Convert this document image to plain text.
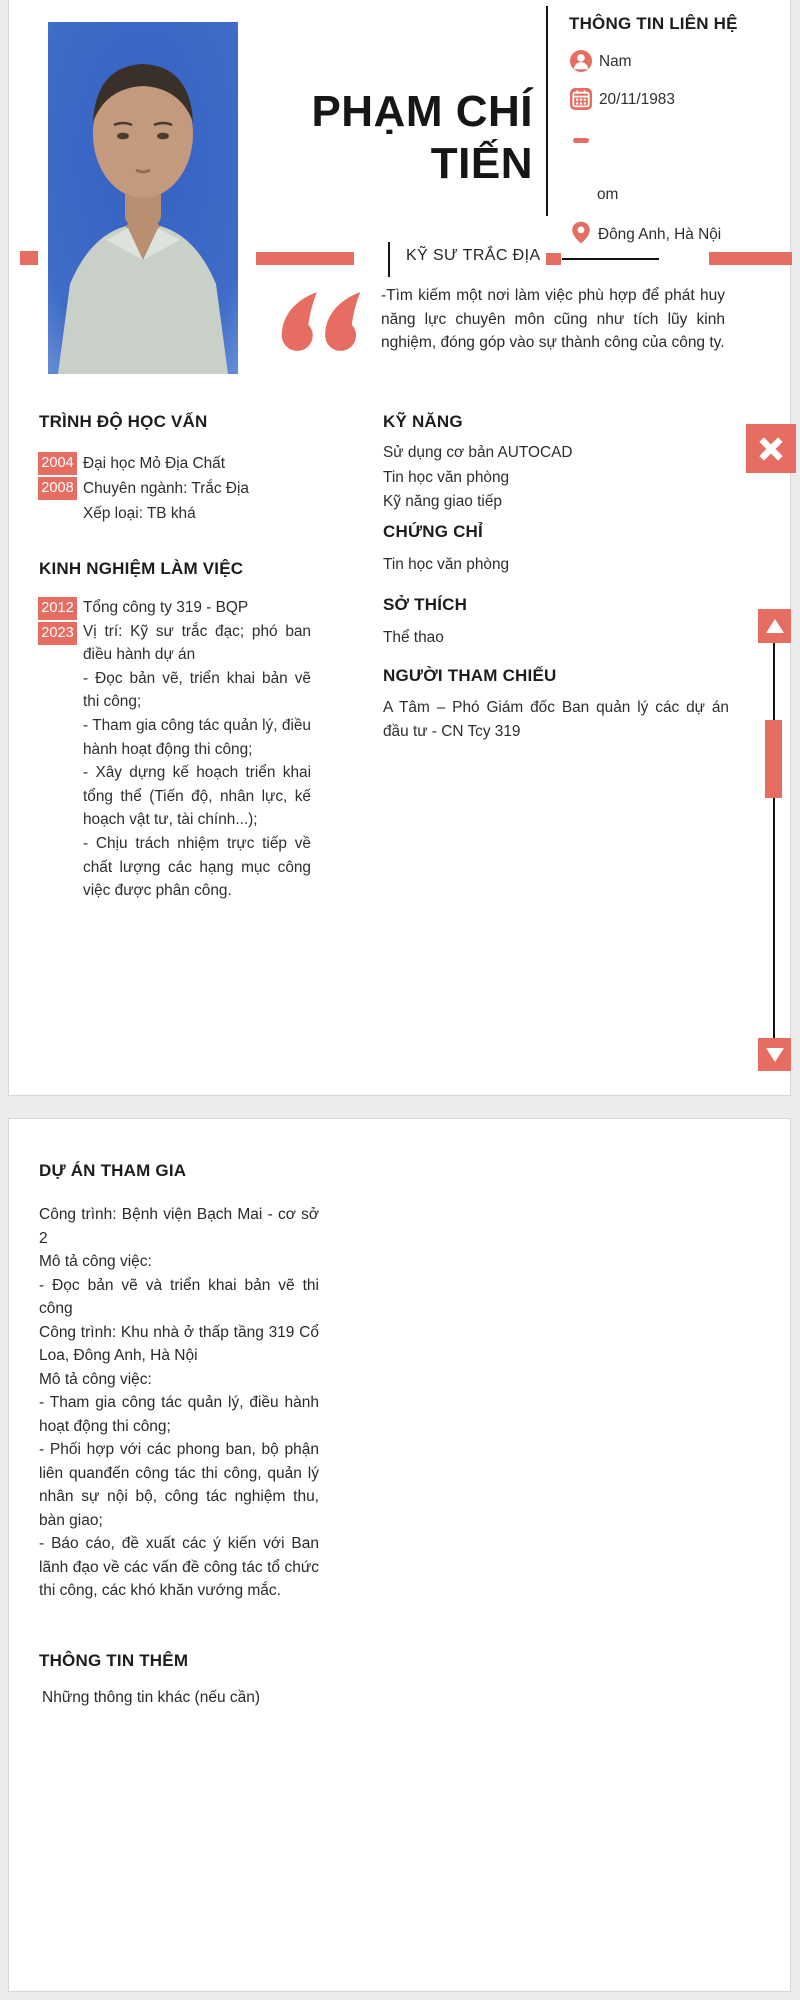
PHẠM CHÍ
TIẾN
THÔNG TIN LIÊN HỆ
Nam
20/11/1983
om
Đông Anh, Hà Nội
KỸ SƯ TRẮC ĐỊA
-Tìm kiếm một nơi làm việc phù hợp để phát huy năng lực chuyên môn cũng như tích lũy kinh nghiệm, đóng góp vào sự thành công của công ty.
TRÌNH ĐỘ HỌC VẤN
2004
2008
Đại học Mỏ Địa Chất
Chuyên ngành: Trắc Địa
Xếp loại: TB khá
KINH NGHIỆM LÀM VIỆC
2012
2023
Tổng công ty 319 - BQP
Vị trí: Kỹ sư trắc đạc; phó ban điều hành dự án
- Đọc bản vẽ, triển khai bản vẽ thi công;
- Tham gia công tác quản lý, điều hành hoạt động thi công;
- Xây dựng kế hoạch triển khai tổng thể (Tiến độ, nhân lực, kế hoạch vật tư, tài chính...);
- Chịu trách nhiệm trực tiếp về chất lượng các hạng mục công việc được phân công.
KỸ NĂNG
Sử dụng cơ bản AUTOCAD
Tin học văn phòng
Kỹ năng giao tiếp
CHỨNG CHỈ
Tin học văn phòng
SỞ THÍCH
Thể thao
NGƯỜI THAM CHIẾU
A Tâm – Phó Giám đốc Ban quản lý các dự án đầu tư - CN Tcy 319
DỰ ÁN THAM GIA
Công trình: Bệnh viện Bạch Mai - cơ sở 2
Mô tả công việc:
- Đọc bản vẽ và triển khai bản vẽ thi công
Công trình: Khu nhà ở thấp tầng 319 Cổ Loa, Đông Anh, Hà Nội
Mô tả công việc:
- Tham gia công tác quản lý, điều hành hoạt động thi công;
- Phối hợp với các phong ban, bộ phận liên quanđến công tác thi công, quản lý nhân sự nội bộ, công tác nghiệm thu, bàn giao;
- Báo cáo, đề xuất các ý kiến với Ban lãnh đạo về các vấn đề công tác tổ chức thi công, các khó khăn vướng mắc.
THÔNG TIN THÊM
Những thông tin khác (nếu cần)
